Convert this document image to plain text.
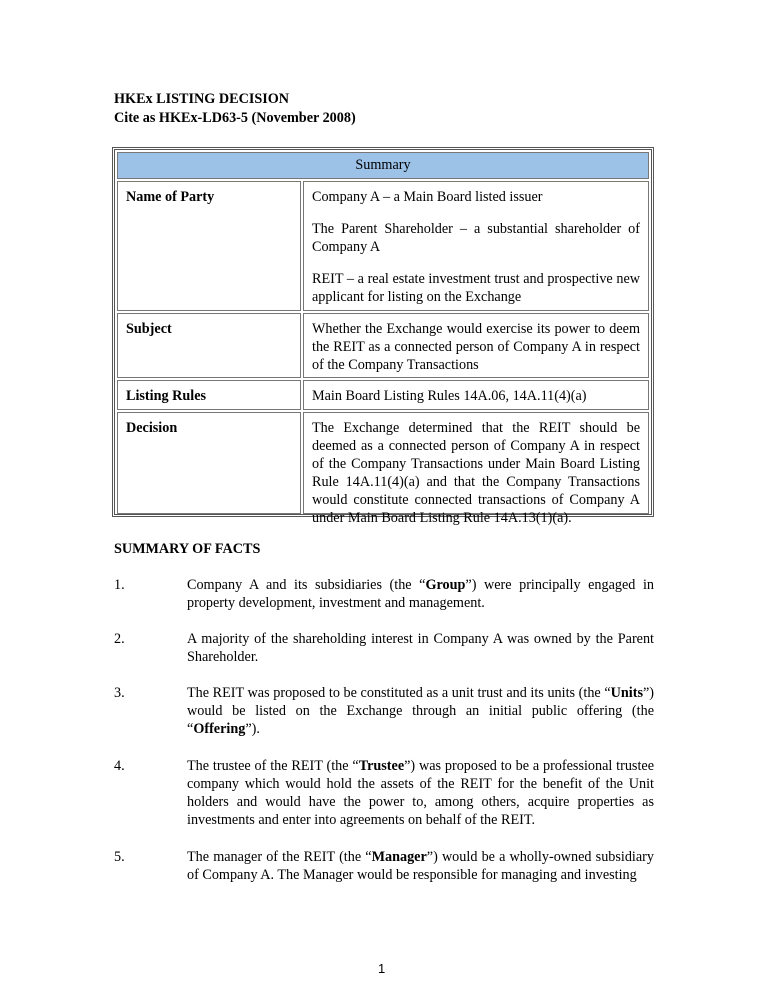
HKEx LISTING DECISION
Cite as HKEx-LD63-5 (November 2008)
Summary
Name of Party	Company A – a Main Board listed issuer

The Parent Shareholder – a substantial shareholder of Company A

REIT – a real estate investment trust and prospective new applicant for listing on the Exchange

Subject	Whether the Exchange would exercise its power to deem the REIT as a connected person of Company A in respect of the Company Transactions

Listing Rules	Main Board Listing Rules 14A.06, 14A.11(4)(a)

Decision	The Exchange determined that the REIT should be deemed as a connected person of Company A in respect of the Company Transactions under Main Board Listing Rule 14A.11(4)(a) and that the Company Transactions would constitute connected transactions of Company A under Main Board Listing Rule 14A.13(1)(a).

SUMMARY OF FACTS
1.	Company A and its subsidiaries (the “Group”) were principally engaged in property development, investment and management.
2.	A majority of the shareholding interest in Company A was owned by the Parent Shareholder.
3.	The REIT was proposed to be constituted as a unit trust and its units (the “Units”) would be listed on the Exchange through an initial public offering (the “Offering”).
4.	The trustee of the REIT (the “Trustee”) was proposed to be a professional trustee company which would hold the assets of the REIT for the benefit of the Unit holders and would have the power to, among others, acquire properties as investments and enter into agreements on behalf of the REIT.
5.	The manager of the REIT (the “Manager”) would be a wholly-owned subsidiary of Company A. The Manager would be responsible for managing and investing
1
